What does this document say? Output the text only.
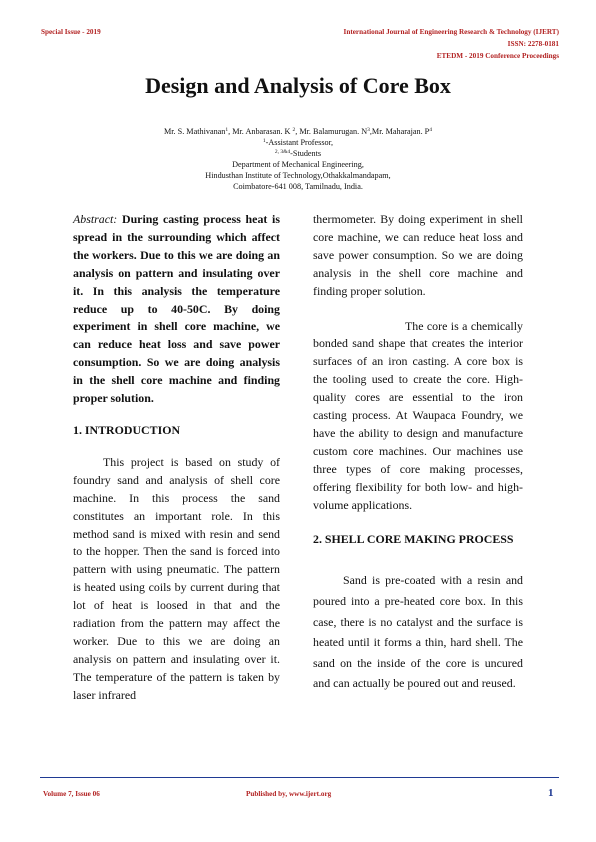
Special Issue - 2019	International Journal of Engineering Research & Technology (IJERT)
ISSN: 2278-0181
ETEDM - 2019 Conference Proceedings
Design and Analysis of Core Box
Mr. S. Mathivanan$^1$, Mr. Anbarasan. K $^2$, Mr. Balamurugan. $N^3,Mr$. Maharajan. $P^4$
$^1$-Assistant Professor,
$^{2, 3\&4}$-Students
Department of Mechanical Engineering,
Hindusthan Institute of Technology,Othakkalmandapam,
Coimbatore-641 008, Tamilnadu, India.

Abstract: During casting process heat is spread in the surrounding which affect the workers. Due to this we are doing an analysis on pattern and insulating over it. In this analysis the temperature reduce up to 40-50C. By doing experiment in shell core machine, we can reduce heat loss and save power consumption. So we are doing analysis in the shell core machine and finding proper solution.

1. INTRODUCTION

This project is based on study of foundry sand and analysis of shell core machine. In this process the sand constitutes an important role. In this method sand is mixed with resin and send to the hopper. Then the sand is forced into pattern with using pneumatic. The pattern is heated using coils by current during that lot of heat is loosed in that and the radiation from the pattern may affect the worker. Due to this we are doing an analysis on pattern and insulating over it. The temperature of the pattern is taken by laser infrared

thermometer. By doing experiment in shell core machine, we can reduce heat loss and save power consumption. So we are doing analysis in the shell core machine and finding proper solution.

The core is a chemically bonded sand shape that creates the interior surfaces of an iron casting. A core box is the tooling used to create the core. High-quality cores are essential to the iron casting process. At Waupaca Foundry, we have the ability to design and manufacture custom core machines. Our machines use three types of core making processes, offering flexibility for both low- and high-volume applications.

2. SHELL CORE MAKING PROCESS

Sand is pre-coated with a resin and poured into a pre-heated core box. In this case, there is no catalyst and the surface is heated until it forms a thin, hard shell. The sand on the inside of the core is uncured and can actually be poured out and reused.

Volume 7, Issue 06	Published by, www.ijert.org	1
